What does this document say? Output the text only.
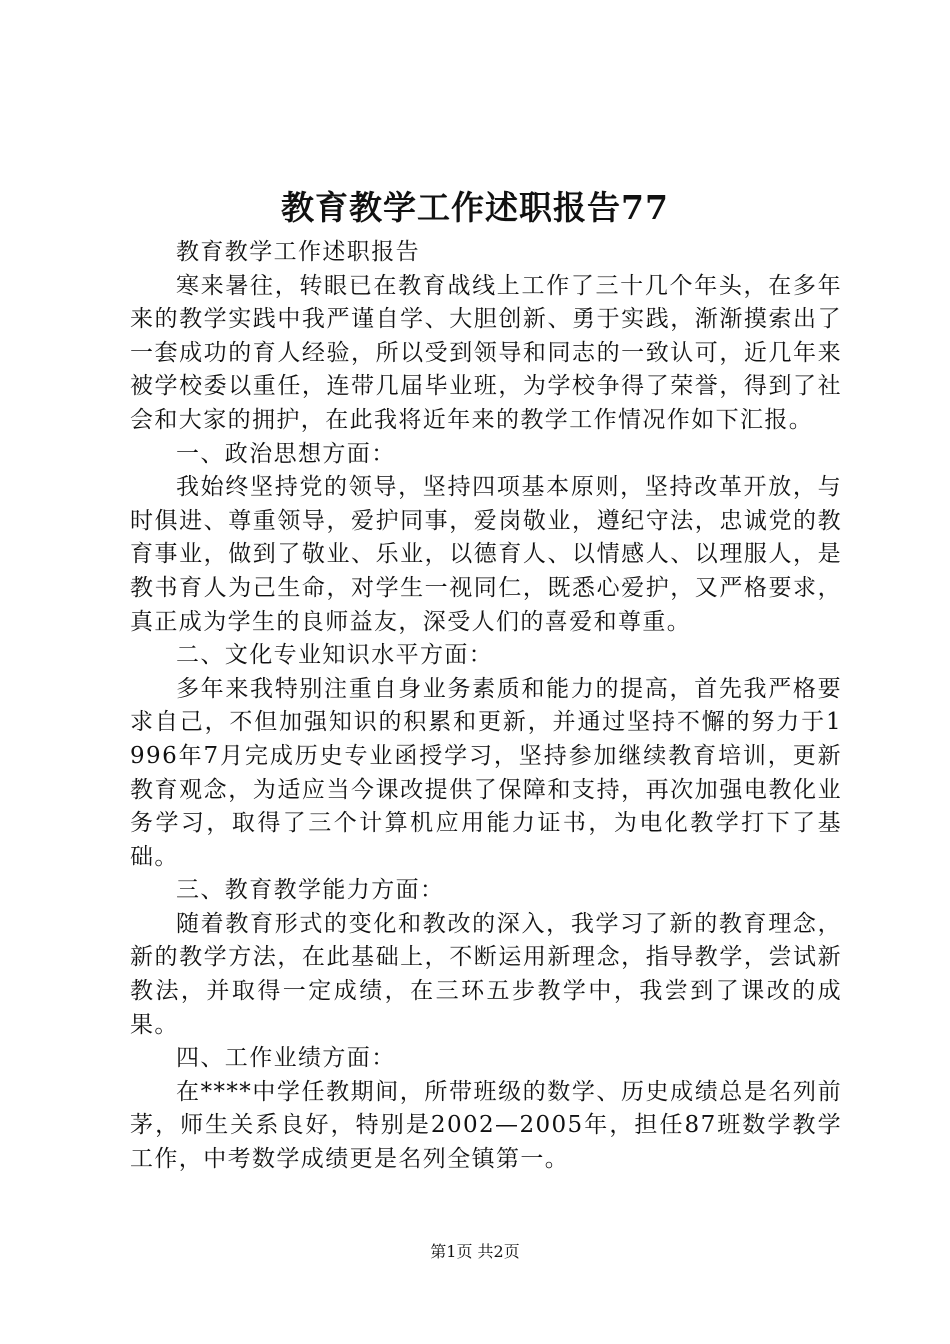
教育教学工作述职报告77

教育教学工作述职报告

寒来暑往，转眼已在教育战线上工作了三十几个年头，在多年来的教学实践中我严谨自学、大胆创新、勇于实践，渐渐摸索出了一套成功的育人经验，所以受到领导和同志的一致认可，近几年来被学校委以重任，连带几届毕业班，为学校争得了荣誉，得到了社会和大家的拥护，在此我将近年来的教学工作情况作如下汇报。

一、政治思想方面：

我始终坚持党的领导，坚持四项基本原则，坚持改革开放，与时俱进、尊重领导，爱护同事，爱岗敬业，遵纪守法，忠诚党的教育事业，做到了敬业、乐业，以德育人、以情感人、以理服人，是教书育人为己生命，对学生一视同仁，既悉心爱护，又严格要求，真正成为学生的良师益友，深受人们的喜爱和尊重。

二、文化专业知识水平方面：

多年来我特别注重自身业务素质和能力的提高，首先我严格要求自己，不但加强知识的积累和更新，并通过坚持不懈的努力于1996年7月完成历史专业函授学习，坚持参加继续教育培训，更新教育观念，为适应当今课改提供了保障和支持，再次加强电教化业务学习，取得了三个计算机应用能力证书，为电化教学打下了基础。

三、教育教学能力方面：

随着教育形式的变化和教改的深入，我学习了新的教育理念，新的教学方法，在此基础上，不断运用新理念，指导教学，尝试新教法，并取得一定成绩，在三环五步教学中，我尝到了课改的成果。

四、工作业绩方面：

在****中学任教期间，所带班级的数学、历史成绩总是名列前茅，师生关系良好，特别是2002—2005年，担任87班数学教学工作，中考数学成绩更是名列全镇第一。

第1页 共2页
